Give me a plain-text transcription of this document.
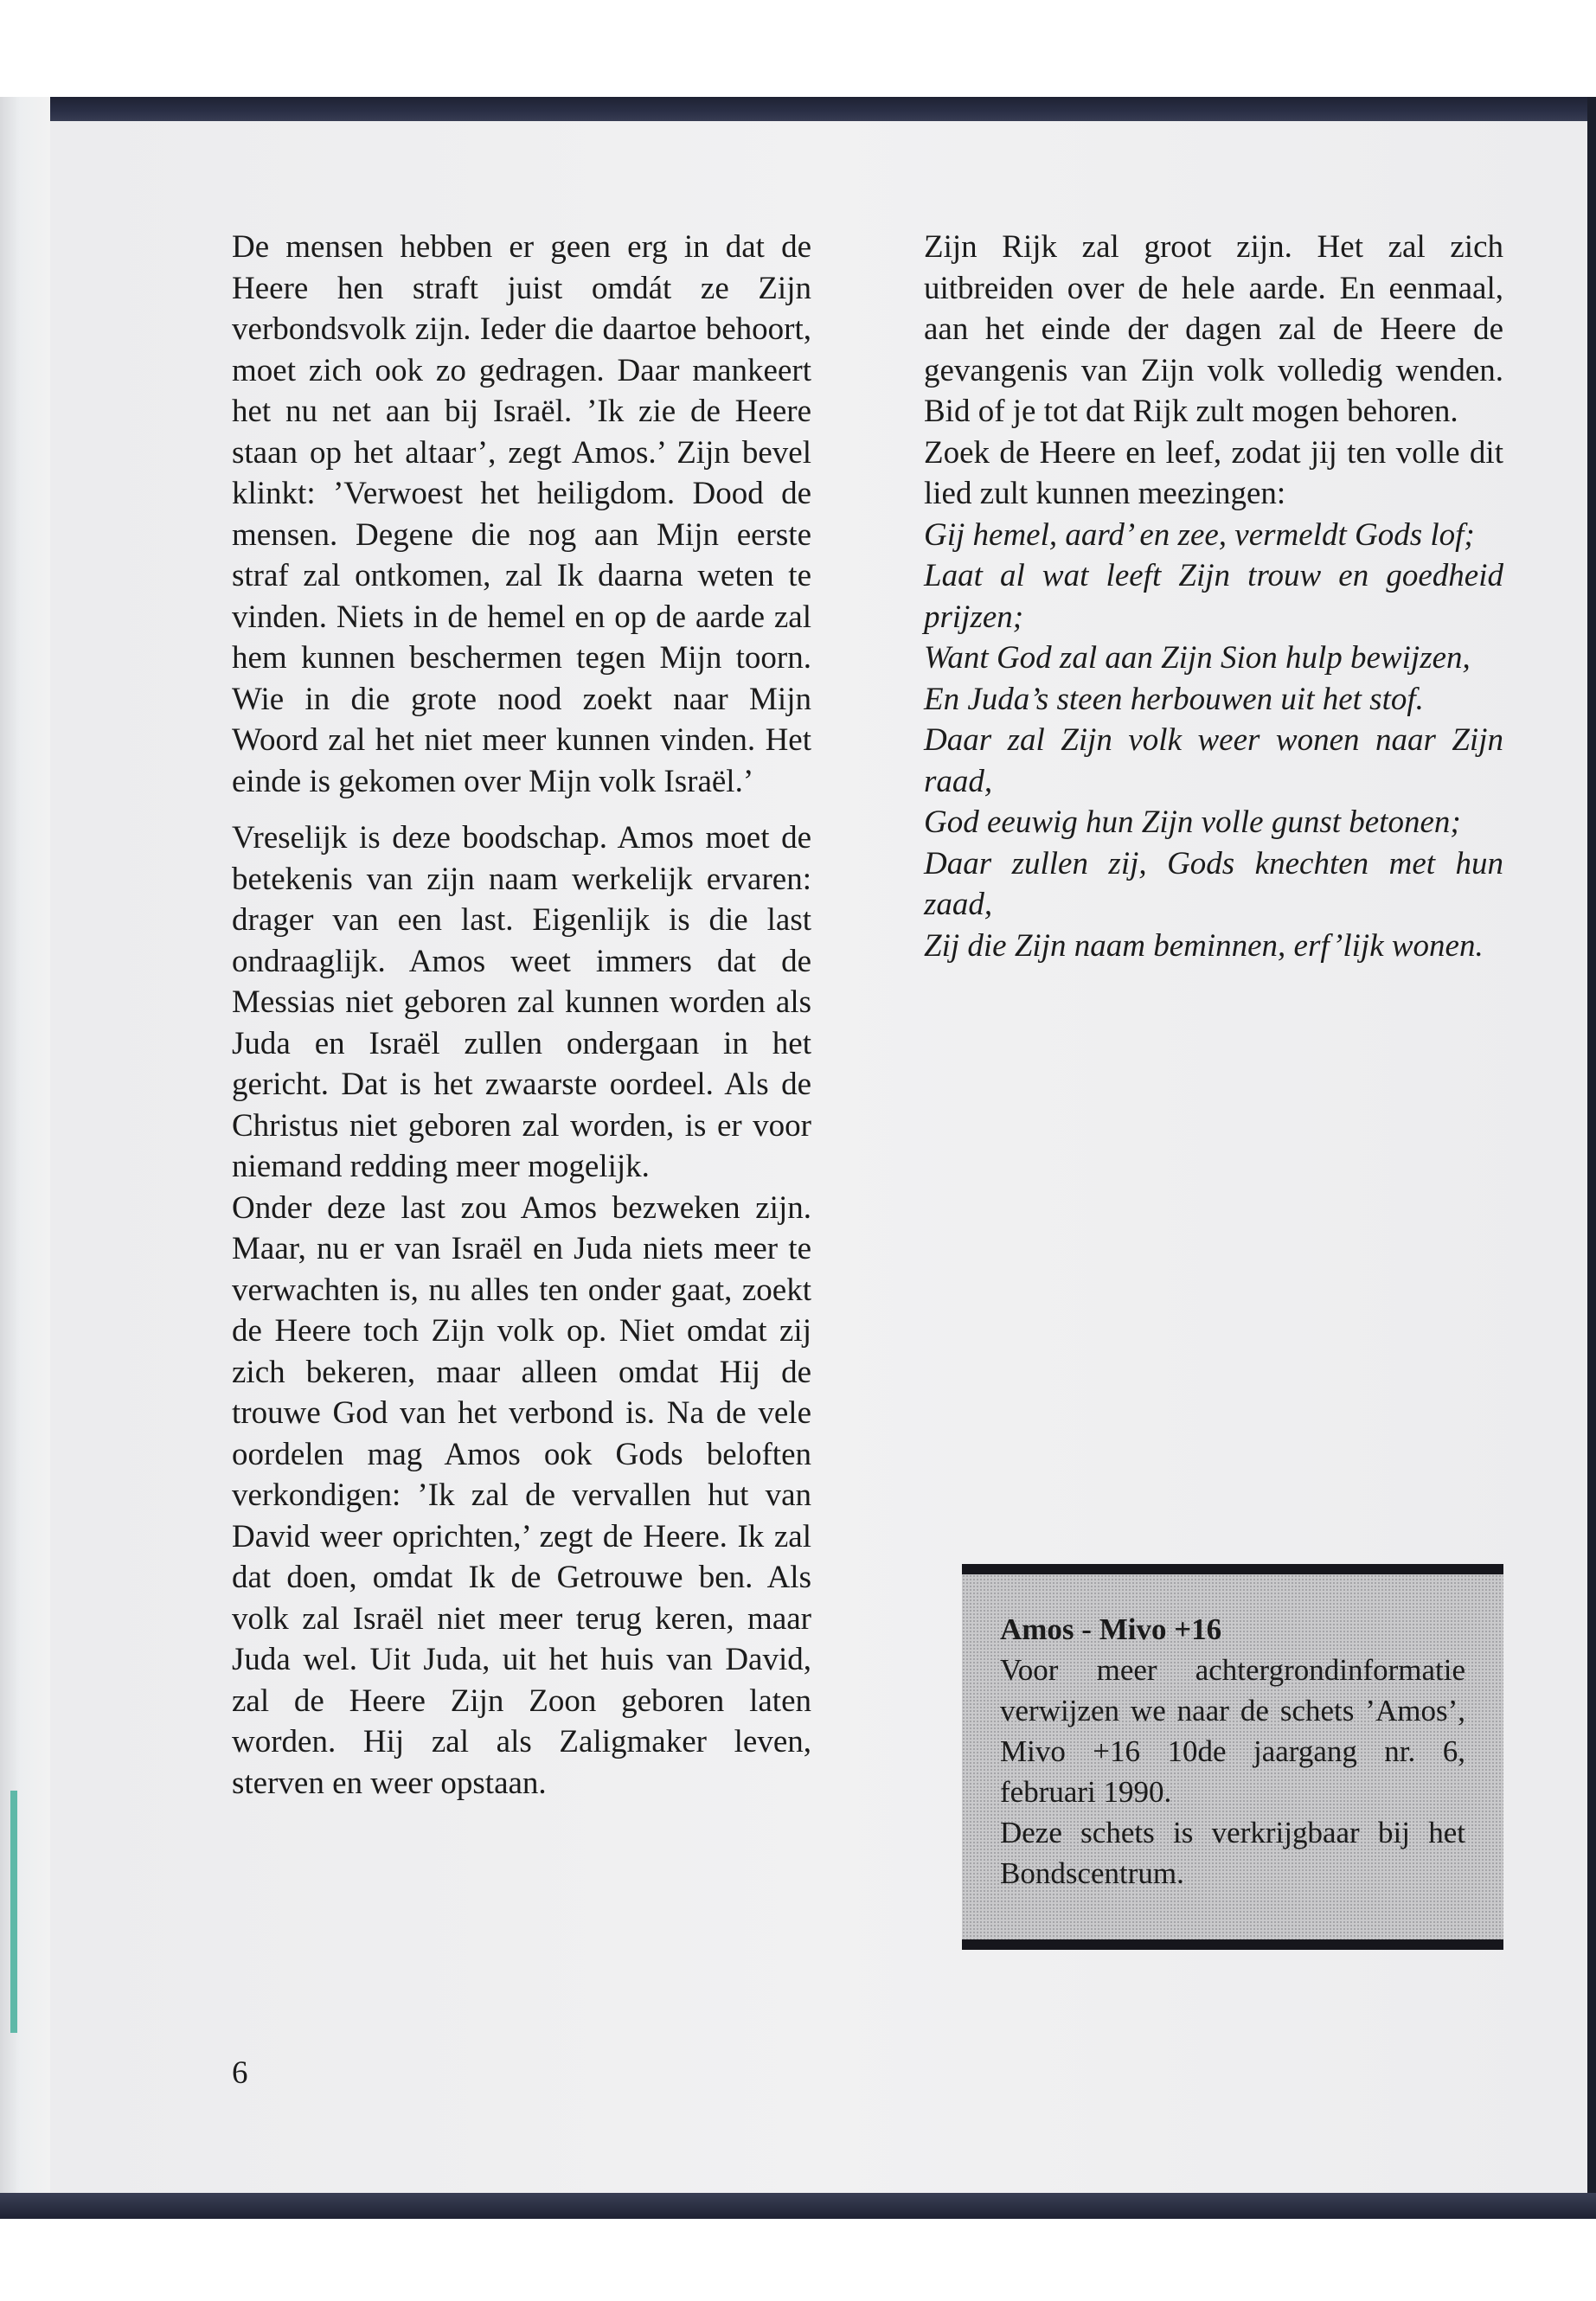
De mensen hebben er geen erg in dat de Heere hen straft juist omdát ze Zijn verbondsvolk zijn. Ieder die daartoe behoort, moet zich ook zo gedragen. Daar mankeert het nu net aan bij Israël. ’Ik zie de Heere staan op het altaar’, zegt Amos.’ Zijn bevel klinkt: ’Verwoest het heiligdom. Dood de mensen. Degene die nog aan Mijn eerste straf zal ontkomen, zal Ik daarna weten te vinden. Niets in de hemel en op de aarde zal hem kunnen beschermen tegen Mijn toorn. Wie in die grote nood zoekt naar Mijn Woord zal het niet meer kunnen vinden. Het einde is gekomen over Mijn volk Israël.’

Vreselijk is deze boodschap. Amos moet de betekenis van zijn naam werkelijk ervaren: drager van een last. Eigenlijk is die last ondraaglijk. Amos weet immers dat de Messias niet geboren zal kunnen worden als Juda en Israël zullen ondergaan in het gericht. Dat is het zwaarste oordeel. Als de Christus niet geboren zal worden, is er voor niemand redding meer mogelijk.

Onder deze last zou Amos bezweken zijn. Maar, nu er van Israël en Juda niets meer te verwachten is, nu alles ten onder gaat, zoekt de Heere toch Zijn volk op. Niet omdat zij zich bekeren, maar alleen omdat Hij de trouwe God van het verbond is. Na de vele oordelen mag Amos ook Gods beloften verkondigen: ’Ik zal de vervallen hut van David weer oprichten,’ zegt de Heere. Ik zal dat doen, omdat Ik de Getrouwe ben. Als volk zal Israël niet meer terug keren, maar Juda wel. Uit Juda, uit het huis van David, zal de Heere Zijn Zoon geboren laten worden. Hij zal als Zaligmaker leven, sterven en weer opstaan.

Zijn Rijk zal groot zijn. Het zal zich uitbreiden over de hele aarde. En eenmaal, aan het einde der dagen zal de Heere de gevangenis van Zijn volk volledig wenden. Bid of je tot dat Rijk zult mogen behoren.

Zoek de Heere en leef, zodat jij ten volle dit lied zult kunnen meezingen:

Gij hemel, aard’ en zee, vermeldt Gods lof;

Laat al wat leeft Zijn trouw en goedheid prijzen;

Want God zal aan Zijn Sion hulp bewijzen,

En Juda’s steen herbouwen uit het stof.

Daar zal Zijn volk weer wonen naar Zijn raad,

God eeuwig hun Zijn volle gunst betonen;

Daar zullen zij, Gods knechten met hun zaad,

Zij die Zijn naam beminnen, erf’lijk wonen.

Amos - Mivo +16

Voor meer achtergrondinformatie verwijzen we naar de schets ’Amos’, Mivo +16 10de jaargang nr. 6, februari 1990.

Deze schets is verkrijgbaar bij het Bondscentrum.

6
